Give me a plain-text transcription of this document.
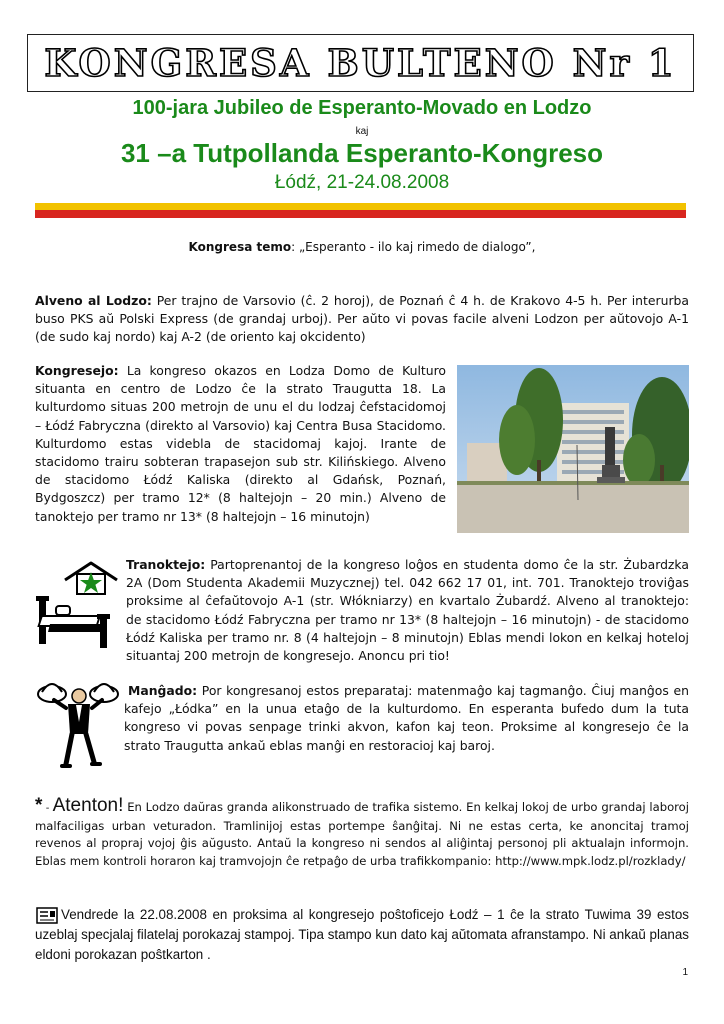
KONGRESA BULTENO Nr 1
100-jara Jubileo de Esperanto-Movado en Lodzo
kaj
31 –a Tutpollanda Esperanto-Kongreso
Łódź, 21-24.08.2008

Kongresa temo: „Esperanto - ilo kaj rimedo de dialogo”,

Alveno al Lodzo: Per trajno de Varsovio (ĉ. 2 horoj), de Poznań ĉ 4 h. de Krakovo 4-5 h. Per interurba buso PKS aŭ Polski Express (de grandaj urboj). Per aŭto vi povas facile alveni Lodzon per aŭtovojo A-1 (de sudo kaj nordo) kaj A-2 (de oriento kaj okcidento)

Kongresejo: La kongreso okazos en Lodza Domo de Kulturo situanta en centro de Lodzo ĉe la strato Traugutta 18. La kulturdomo situas 200 metrojn de unu el du lodzaj ĉefstacidomoj – Łódź Fabryczna (direkto al Varsovio) kaj Centra Busa Stacidomo. Kulturdomo estas videbla de stacidomaj kajoj. Irante de stacidomo trairu sobteran trapasejon sub str. Kilińskiego. Alveno de stacidomo Łódź Kaliska (direkto al Gdańsk, Poznań, Bydgoszcz) per tramo 12* (8 haltejojn – 20 min.) Alveno de tanoktejo per tramo nr 13* (8 haltejojn – 16 minutojn)

Tranoktejo: Partoprenantoj de la kongreso loĝos en studenta domo ĉe la str. Żubardzka 2A (Dom Studenta Akademii Muzycznej) tel. 042 662 17 01, int. 701. Tranoktejo troviĝas proksime al ĉefaŭtovojo A-1 (str. Włókniarzy) en kvartalo Żubardź. Alveno al tranoktejo: de stacidomo Łódź Fabryczna per tramo nr 13* (8 haltejojn – 16 minutojn) - de stacidomo Łódź Kaliska per tramo nr. 8 (4 haltejojn – 8 minutojn) Eblas mendi lokon en kelkaj hoteloj situantaj 200 metrojn de kongresejo. Anoncu pri tio!

Manĝado: Por kongresanoj estos preparataj: matenmaĝo kaj tagmanĝo. Ĉiuj manĝos en kafejo „Łódka” en la unua etaĝo de la kulturdomo. En esperanta bufedo dum la tuta kongreso vi povas senpage trinki akvon, kafon kaj teon. Proksime al kongresejo ĉe la strato Traugutta ankaŭ eblas manĝi en restoracioj kaj baroj.

* - Atenton! En Lodzo daŭras granda alikonstruado de trafika sistemo. En kelkaj lokoj de urbo grandaj laboroj malfaciligas urban veturadon. Tramlinijoj estas portempe ŝanĝitaj. Ni ne estas certa, ke anoncitaj tramoj revenos al propraj vojoj ĝis aŭgusto. Antaŭ la kongreso ni sendos al aliĝintaj personoj pli aktualajn informojn. Eblas mem kontroli horaron kaj tramvojojn ĉe retpaĝo de urba trafikkompanio: http://www.mpk.lodz.pl/rozklady/

Vendrede la 22.08.2008 en proksima al kongresejo poŝtoficejo Łodź – 1 ĉe la strato Tuwima 39 estos uzeblaj specjalaj filatelaj porokazaj stampoj. Tipa stampo kun dato kaj aŭtomata afranstampo. Ni ankaŭ planas eldoni porokazan poŝtkarton .

1
